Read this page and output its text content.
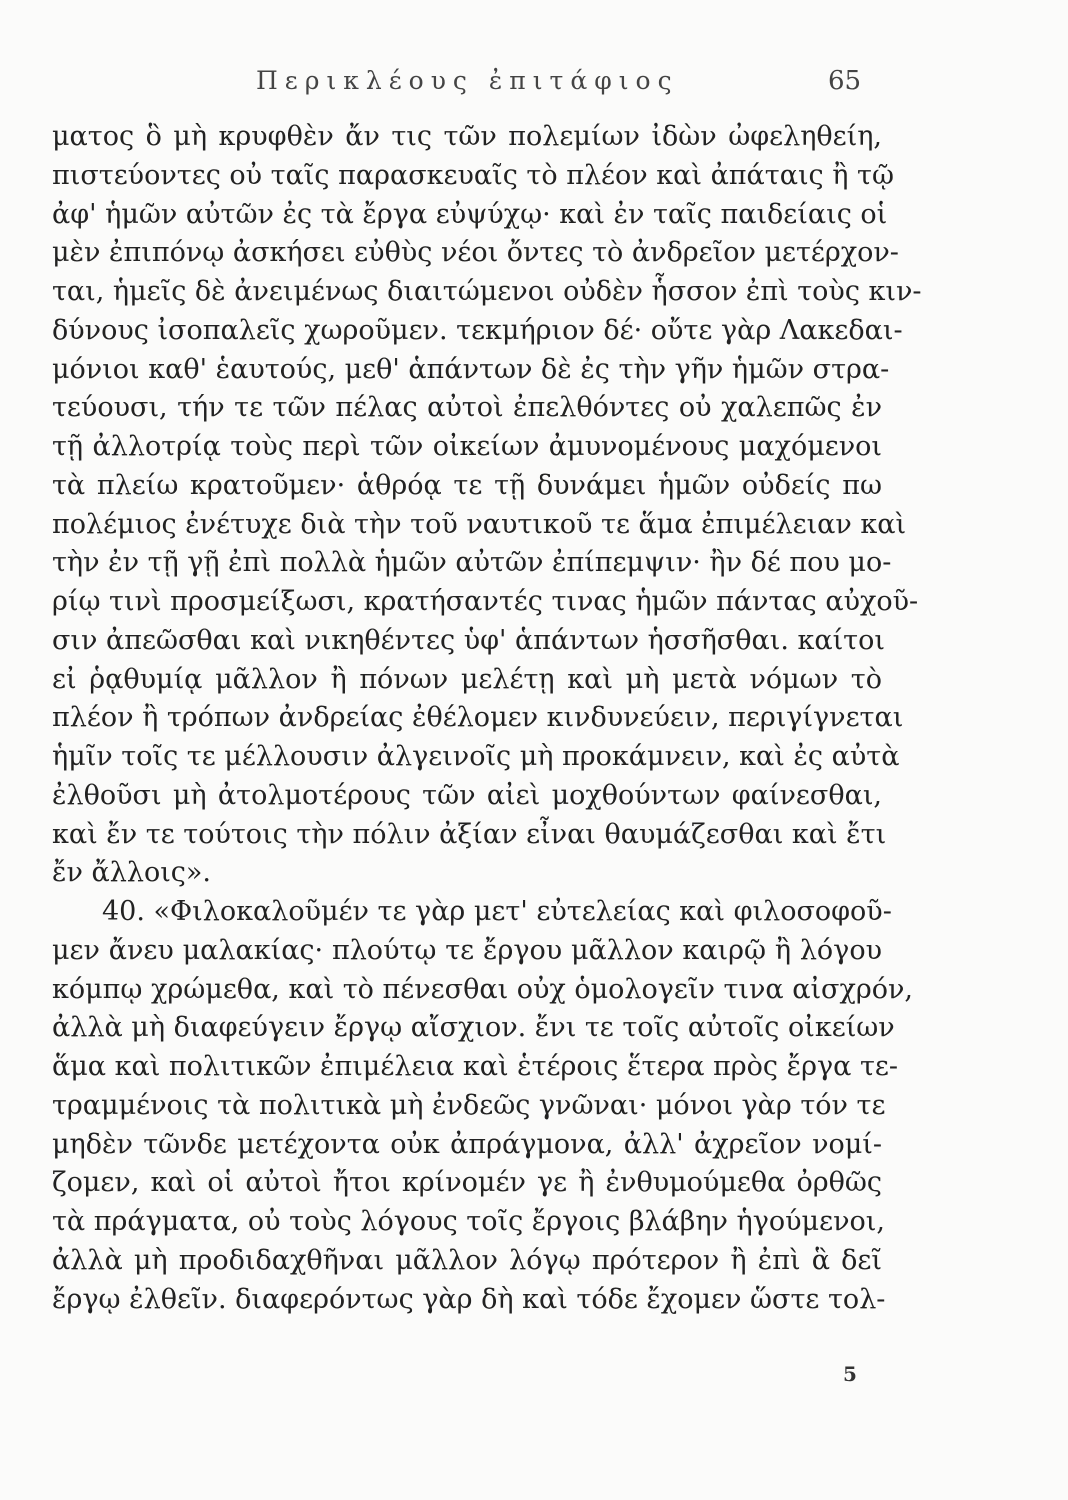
Περικλέους ἐπιτάφιος	65
ματος ὃ μὴ κρυφθὲν ἄν τις τῶν πολεμίων ἰδὼν ὠφεληθείη,
πιστεύοντες οὐ ταῖς παρασκευαῖς τὸ πλέον καὶ ἀπάταις ἢ τῷ
ἀφ' ἡμῶν αὐτῶν ἐς τὰ ἔργα εὐψύχῳ· καὶ ἐν ταῖς παιδείαις οἱ
μὲν ἐπιπόνῳ ἀσκήσει εὐθὺς νέοι ὄντες τὸ ἀνδρεῖον μετέρχον-
ται, ἡμεῖς δὲ ἀνειμένως διαιτώμενοι οὐδὲν ἧσσον ἐπὶ τοὺς κιν-
δύνους ἰσοπαλεῖς χωροῦμεν. τεκμήριον δέ· οὔτε γὰρ Λακεδαι-
μόνιοι καθ' ἑαυτούς, μεθ' ἁπάντων δὲ ἐς τὴν γῆν ἡμῶν στρα-
τεύουσι, τήν τε τῶν πέλας αὐτοὶ ἐπελθόντες οὐ χαλεπῶς ἐν
τῇ ἀλλοτρίᾳ τοὺς περὶ τῶν οἰκείων ἀμυνομένους μαχόμενοι
τὰ πλείω κρατοῦμεν· ἁθρόᾳ τε τῇ δυνάμει ἡμῶν οὐδείς πω
πολέμιος ἐνέτυχε διὰ τὴν τοῦ ναυτικοῦ τε ἅμα ἐπιμέλειαν καὶ
τὴν ἐν τῇ γῇ ἐπὶ πολλὰ ἡμῶν αὐτῶν ἐπίπεμψιν· ἢν δέ που μο-
ρίῳ τινὶ προσμείξωσι, κρατήσαντές τινας ἡμῶν πάντας αὐχοῦ-
σιν ἀπεῶσθαι καὶ νικηθέντες ὑφ' ἁπάντων ἡσσῆσθαι. καίτοι
εἰ ῥᾳθυμίᾳ μᾶλλον ἢ πόνων μελέτῃ καὶ μὴ μετὰ νόμων τὸ
πλέον ἢ τρόπων ἀνδρείας ἐθέλομεν κινδυνεύειν, περιγίγνεται
ἡμῖν τοῖς τε μέλλουσιν ἀλγεινοῖς μὴ προκάμνειν, καὶ ἐς αὐτὰ
ἐλθοῦσι μὴ ἀτολμοτέρους τῶν αἰεὶ μοχθούντων φαίνεσθαι,
καὶ ἔν τε τούτοις τὴν πόλιν ἀξίαν εἶναι θαυμάζεσθαι καὶ ἔτι
ἔν ἄλλοις».
40. «Φιλοκαλοῦμέν τε γὰρ μετ' εὐτελείας καὶ φιλοσοφοῦ-
μεν ἄνευ μαλακίας· πλούτῳ τε ἔργου μᾶλλον καιρῷ ἢ λόγου
κόμπῳ χρώμεθα, καὶ τὸ πένεσθαι οὐχ ὁμολογεῖν τινα αἰσχρόν,
ἀλλὰ μὴ διαφεύγειν ἔργῳ αἴσχιον. ἔνι τε τοῖς αὐτοῖς οἰκείων
ἅμα καὶ πολιτικῶν ἐπιμέλεια καὶ ἑτέροις ἕτερα πρὸς ἔργα τε-
τραμμένοις τὰ πολιτικὰ μὴ ἐνδεῶς γνῶναι· μόνοι γὰρ τόν τε
μηδὲν τῶνδε μετέχοντα οὐκ ἀπράγμονα, ἀλλ' ἀχρεῖον νομί-
ζομεν, καὶ οἱ αὐτοὶ ἤτοι κρίνομέν γε ἢ ἐνθυμούμεθα ὀρθῶς
τὰ πράγματα, οὐ τοὺς λόγους τοῖς ἔργοις βλάβην ἡγούμενοι,
ἀλλὰ μὴ προδιδαχθῆναι μᾶλλον λόγῳ πρότερον ἢ ἐπὶ ἃ δεῖ
ἔργῳ ἐλθεῖν. διαφερόντως γὰρ δὴ καὶ τόδε ἔχομεν ὥστε τολ-
5
